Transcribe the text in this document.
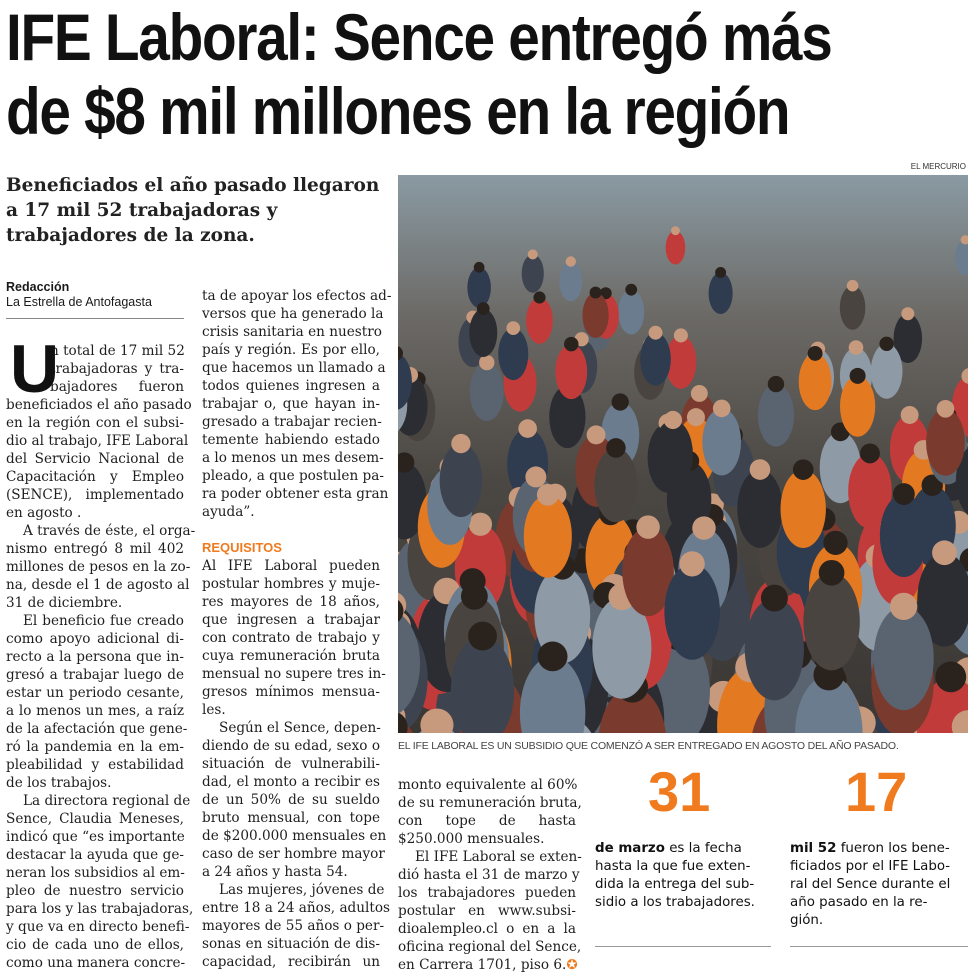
IFE Laboral: Sence entregó más
de $8 mil millones en la región
EL MERCURIO
Beneficiados el año pasado llegaron a 17 mil 52 trabajadoras y trabajadores de la zona.
Redacción
La Estrella de Antofagasta
U
n total de 17 mil 52
trabajadoras y tra-
bajadores fueron
beneficiados el año pasado
en la región con el subsi-
dio al trabajo, IFE Laboral
del Servicio Nacional de
Capacitación y Empleo
(SENCE), implementado
en agosto .
A través de éste, el orga-
nismo entregó 8 mil 402
millones de pesos en la zo-
na, desde el 1 de agosto al
31 de diciembre.
El beneficio fue creado
como apoyo adicional di-
recto a la persona que in-
gresó a trabajar luego de
estar un periodo cesante,
a lo menos un mes, a raíz
de la afectación que gene-
ró la pandemia en la em-
pleabilidad y estabilidad
de los trabajos.
La directora regional de
Sence, Claudia Meneses,
indicó que “es importante
destacar la ayuda que ge-
neran los subsidios al em-
pleo de nuestro servicio
para los y las trabajadoras,
y que va en directo benefi-
cio de cada uno de ellos,
como una manera concre-
ta de apoyar los efectos ad-
versos que ha generado la
crisis sanitaria en nuestro
país y región. Es por ello,
que hacemos un llamado a
todos quienes ingresen a
trabajar o, que hayan in-
gresado a trabajar recien-
temente habiendo estado
a lo menos un mes desem-
pleado, a que postulen pa-
ra poder obtener esta gran
ayuda”.
REQUISITOS
Al IFE Laboral pueden
postular hombres y muje-
res mayores de 18 años,
que ingresen a trabajar
con contrato de trabajo y
cuya remuneración bruta
mensual no supere tres in-
gresos mínimos mensua-
les.
Según el Sence, depen-
diendo de su edad, sexo o
situación de vulnerabili-
dad, el monto a recibir es
de un 50% de su sueldo
bruto mensual, con tope
de $200.000 mensuales en
caso de ser hombre mayor
a 24 años y hasta 54.
Las mujeres, jóvenes de
entre 18 a 24 años, adultos
mayores de 55 años o per-
sonas en situación de dis-
capacidad, recibirán un
monto equivalente al 60%
de su remuneración bruta,
con tope de hasta
$250.000 mensuales.
El IFE Laboral se exten-
dió hasta el 31 de marzo y
los trabajadores pueden
postular en www.subsi-
dioalempleo.cl o en a la
oficina regional del Sence,
en Carrera 1701, piso 6.✪
EL IFE LABORAL ES UN SUBSIDIO QUE COMENZÓ A SER ENTREGADO EN AGOSTO DEL AÑO PASADO.
31 17
de marzo es la fecha
hasta la que fue exten-
dida la entrega del sub-
sidio a los trabajadores.
mil 52 fueron los bene-
ficiados por el IFE Labo-
ral del Sence durante el
año pasado en la re-
gión.
